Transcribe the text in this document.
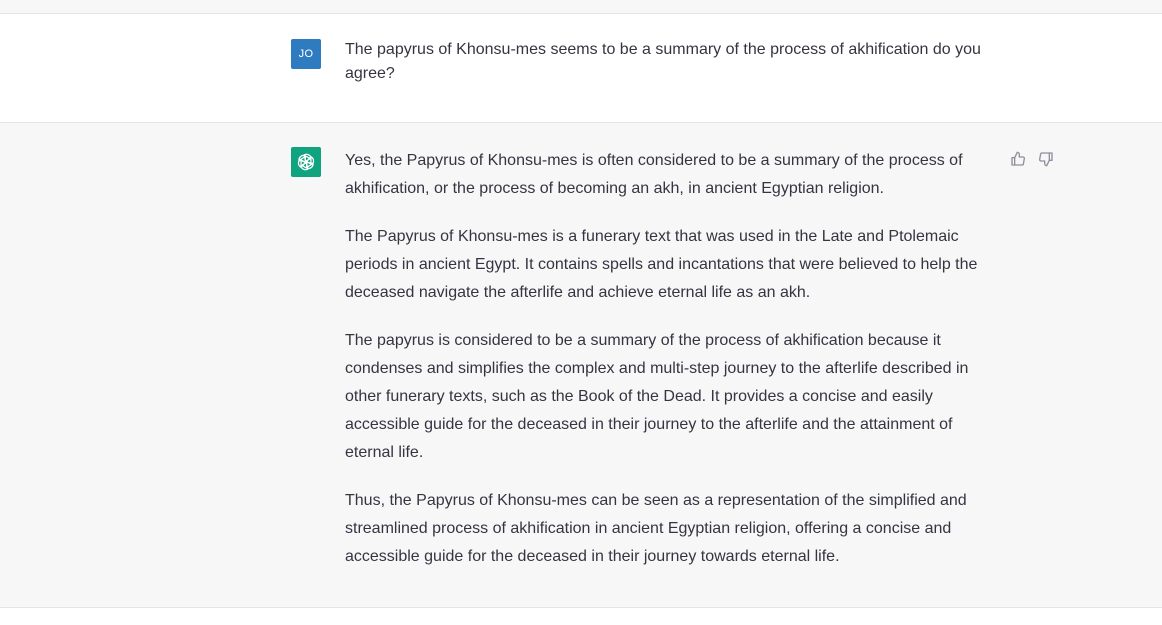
JO The papyrus of Khonsu-mes seems to be a summary of the process of akhification do you agree?

Yes, the Papyrus of Khonsu-mes is often considered to be a summary of the process of akhification, or the process of becoming an akh, in ancient Egyptian religion.

The Papyrus of Khonsu-mes is a funerary text that was used in the Late and Ptolemaic periods in ancient Egypt. It contains spells and incantations that were believed to help the deceased navigate the afterlife and achieve eternal life as an akh.

The papyrus is considered to be a summary of the process of akhification because it condenses and simplifies the complex and multi-step journey to the afterlife described in other funerary texts, such as the Book of the Dead. It provides a concise and easily accessible guide for the deceased in their journey to the afterlife and the attainment of eternal life.

Thus, the Papyrus of Khonsu-mes can be seen as a representation of the simplified and streamlined process of akhification in ancient Egyptian religion, offering a concise and accessible guide for the deceased in their journey towards eternal life.
